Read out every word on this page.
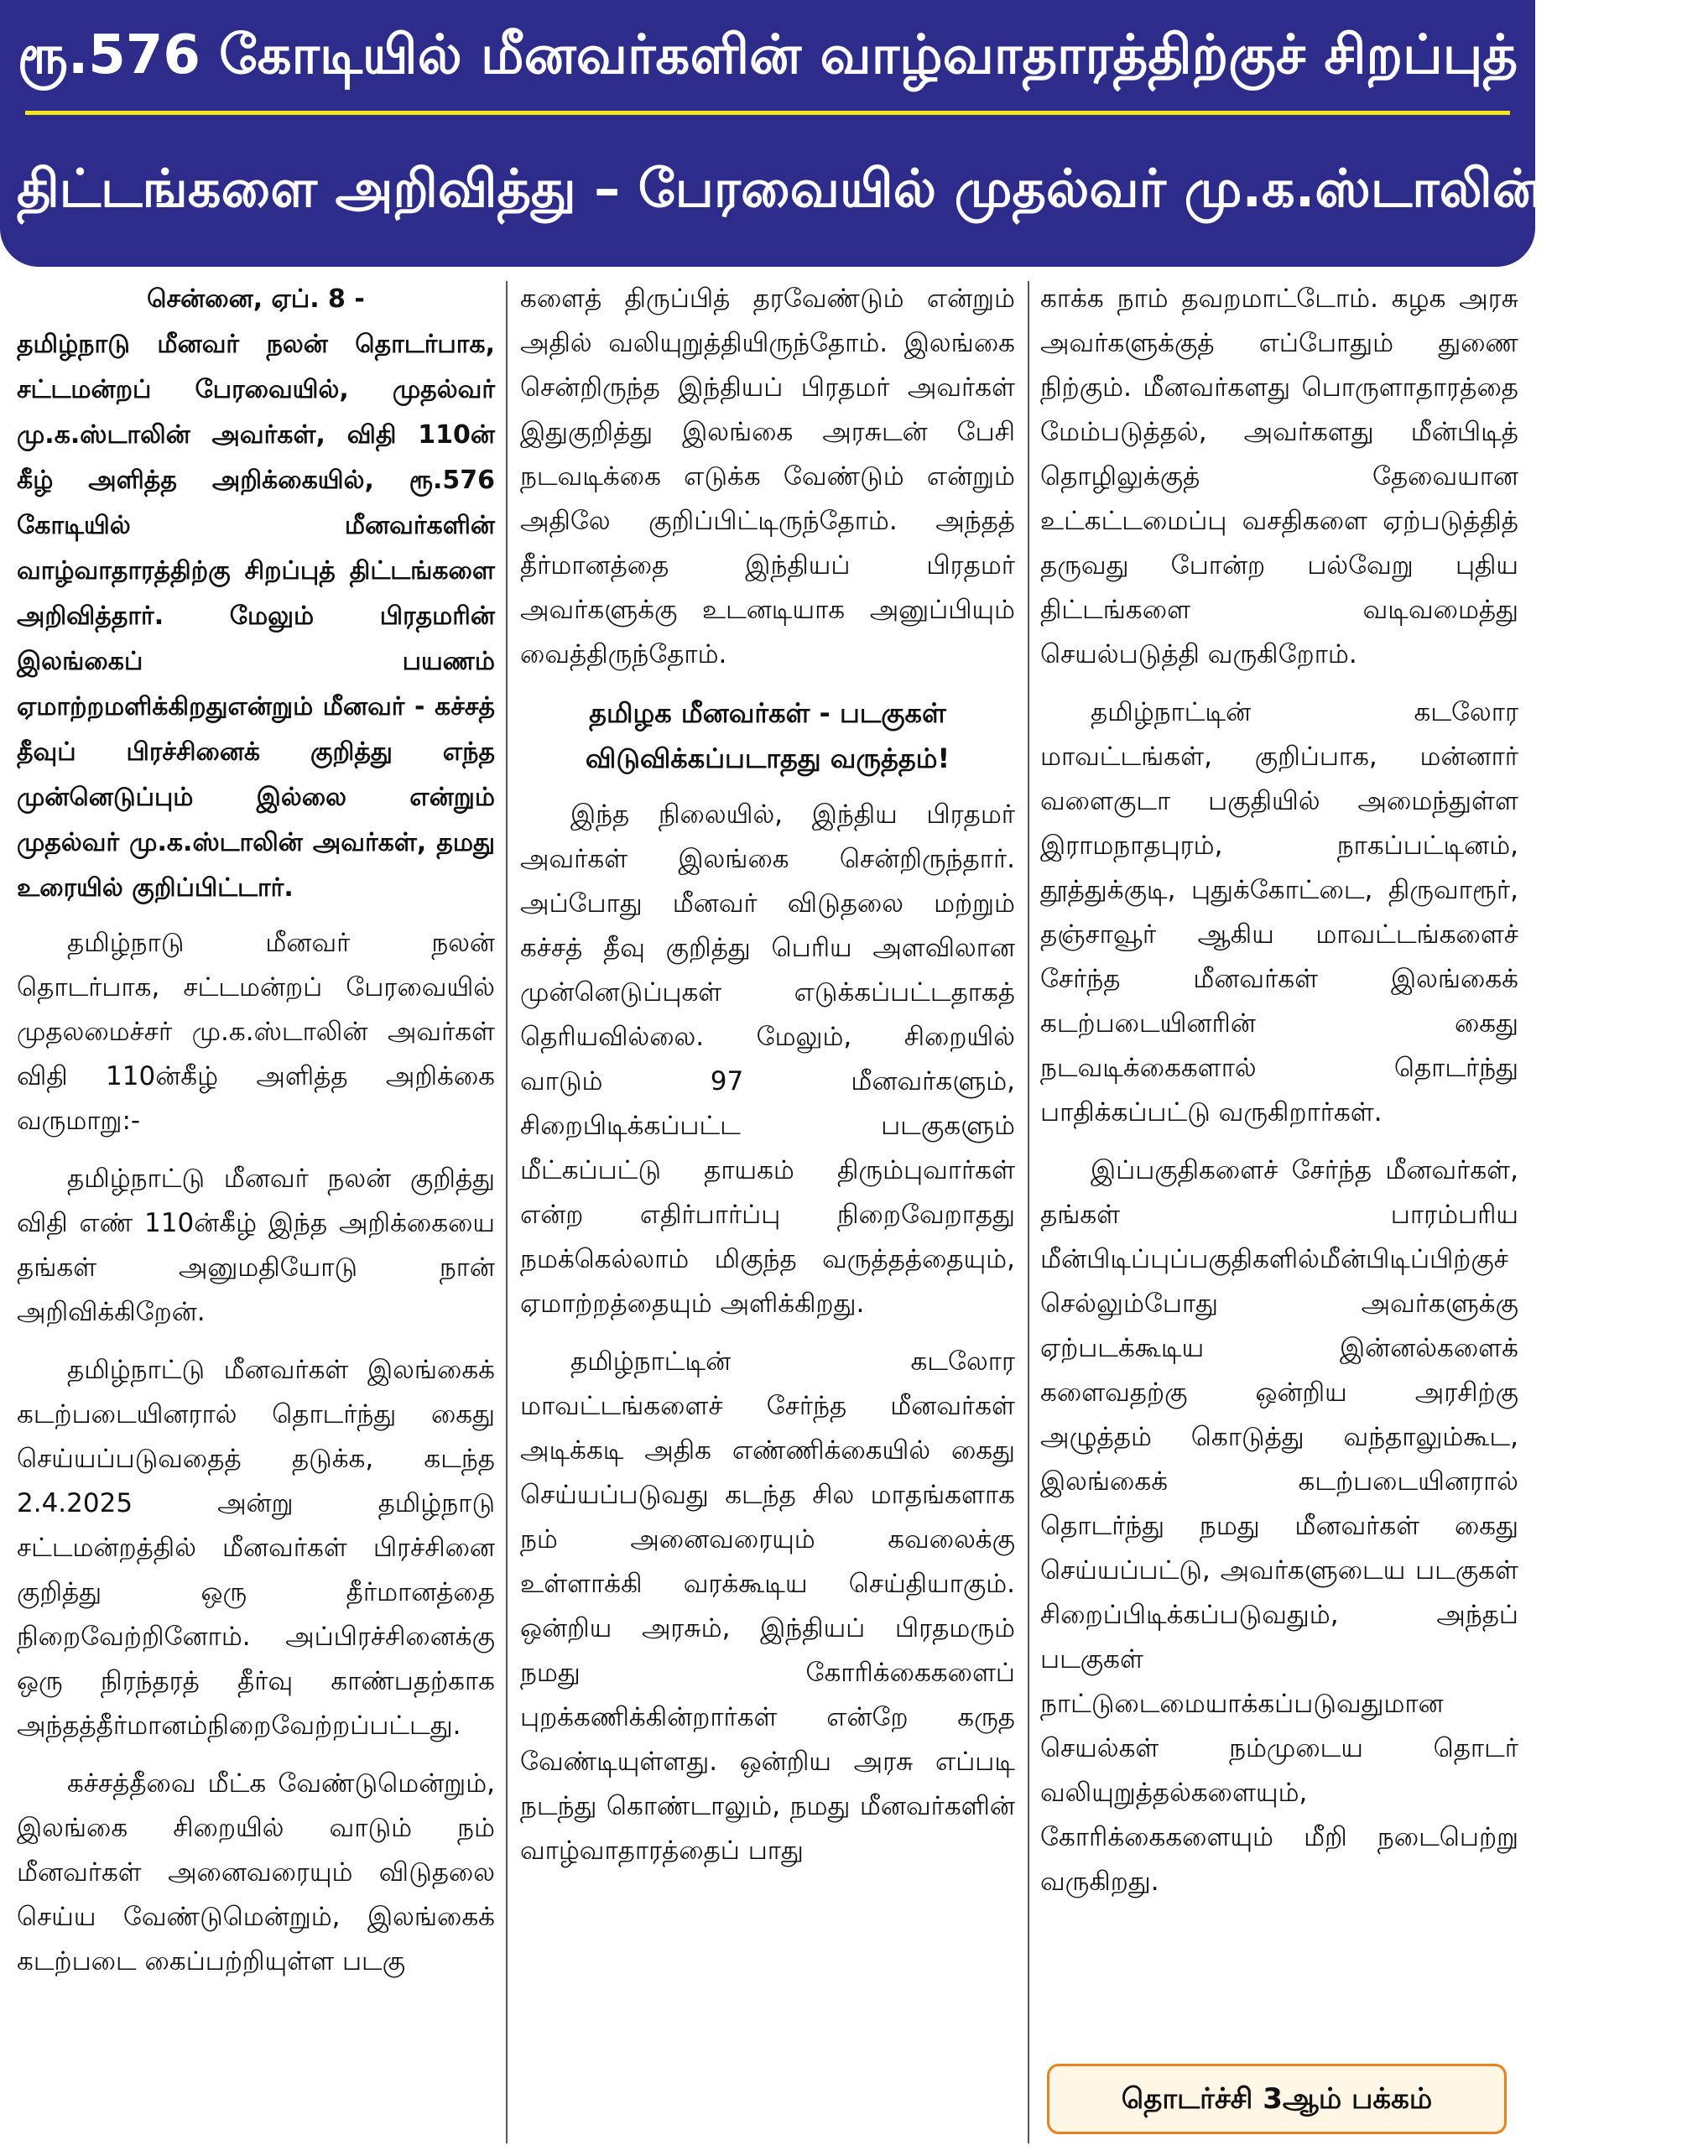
ரூ.576 கோடியில் மீனவர்களின் வாழ்வாதாரத்திற்குச் சிறப்புத்
திட்டங்களை அறிவித்து – பேரவையில் முதல்வர் மு.க.ஸ்டாலின் உரை!
சென்னை, ஏப். 8 -
தமிழ்நாடு மீனவர் நலன் தொடர்பாக, சட்டமன்றப் பேரவையில், முதல்வர் மு.க.ஸ்டாலின் அவர்கள், விதி 110ன் கீழ் அளித்த அறிக்கையில், ரூ.576 கோடியில் மீனவர்களின் வாழ்வாதாரத்திற்கு சிறப்புத் திட்டங்களை அறிவித்தார். மேலும் பிரதமரின் இலங்கைப் பயணம் ஏமாற்றமளிக்கிறதுஎன்றும் மீனவர் - கச்சத் தீவுப் பிரச்சினைக் குறித்து எந்த முன்னெடுப்பும் இல்லை என்றும் முதல்வர் மு.க.ஸ்டாலின் அவர்கள், தமது உரையில் குறிப்பிட்டார்.

தமிழ்நாடு மீனவர் நலன் தொடர்பாக, சட்டமன்றப் பேரவையில் முதலமைச்சர் மு.க.ஸ்டாலின் அவர்கள் விதி 110ன்கீழ் அளித்த அறிக்கை வருமாறு:-

தமிழ்நாட்டு மீனவர் நலன் குறித்து விதி எண் 110ன்கீழ் இந்த அறிக்கையை தங்கள் அனுமதியோடு நான் அறிவிக்கிறேன்.

தமிழ்நாட்டு மீனவர்கள் இலங்கைக் கடற்படையினரால் தொடர்ந்து கைது செய்யப்படுவதைத் தடுக்க, கடந்த 2.4.2025 அன்று தமிழ்நாடு சட்டமன்றத்தில் மீனவர்கள் பிரச்சினை குறித்து ஒரு தீர்மானத்தை நிறைவேற்றினோம். அப்பிரச்சினைக்கு ஒரு நிரந்தரத் தீர்வு காண்பதற்காக அந்தத்தீர்மானம்நிறைவேற்றப்பட்டது.

கச்சத்தீவை மீட்க வேண்டுமென்றும், இலங்கை சிறையில் வாடும் நம் மீனவர்கள் அனைவரையும் விடுதலை செய்ய வேண்டுமென்றும், இலங்கைக் கடற்படை கைப்பற்றியுள்ள படகு

களைத் திருப்பித் தரவேண்டும் என்றும் அதில் வலியுறுத்தியிருந்தோம். இலங்கை சென்றிருந்த இந்தியப் பிரதமர் அவர்கள் இதுகுறித்து இலங்கை அரசுடன் பேசி நடவடிக்கை எடுக்க வேண்டும் என்றும் அதிலே குறிப்பிட்டிருந்தோம். அந்தத் தீர்மானத்தை இந்தியப் பிரதமர் அவர்களுக்கு உடனடியாக அனுப்பியும் வைத்திருந்தோம்.

தமிழக மீனவர்கள் - படகுகள் விடுவிக்கப்படாதது வருத்தம்!

இந்த நிலையில், இந்திய பிரதமர் அவர்கள் இலங்கை சென்றிருந்தார். அப்போது மீனவர் விடுதலை மற்றும் கச்சத் தீவு குறித்து பெரிய அளவிலான முன்னெடுப்புகள் எடுக்கப்பட்டதாகத் தெரியவில்லை. மேலும், சிறையில் வாடும் 97 மீனவர்களும், சிறைபிடிக்கப்பட்ட படகுகளும் மீட்கப்பட்டு தாயகம் திரும்புவார்கள் என்ற எதிர்பார்ப்பு நிறைவேறாதது நமக்கெல்லாம் மிகுந்த வருத்தத்தையும், ஏமாற்றத்தையும் அளிக்கிறது.

தமிழ்நாட்டின் கடலோர மாவட்டங்களைச் சேர்ந்த மீனவர்கள் அடிக்கடி அதிக எண்ணிக்கையில் கைது செய்யப்படுவது கடந்த சில மாதங்களாக நம் அனைவரையும் கவலைக்கு உள்ளாக்கி வரக்கூடிய செய்தியாகும். ஒன்றிய அரசும், இந்தியப் பிரதமரும் நமது கோரிக்கைகளைப் புறக்கணிக்கின்றார்கள் என்றே கருத வேண்டியுள்ளது. ஒன்றிய அரசு எப்படி நடந்து கொண்டாலும், நமது மீனவர்களின் வாழ்வாதாரத்தைப் பாது

காக்க நாம் தவறமாட்டோம். கழக அரசு அவர்களுக்குத் எப்போதும் துணை நிற்கும். மீனவர்களது பொருளாதாரத்தை மேம்படுத்தல், அவர்களது மீன்பிடித் தொழிலுக்குத் தேவையான உட்கட்டமைப்பு வசதிகளை ஏற்படுத்தித் தருவது போன்ற பல்வேறு புதிய திட்டங்களை வடிவமைத்து செயல்படுத்தி வருகிறோம்.

தமிழ்நாட்டின் கடலோர மாவட்டங்கள், குறிப்பாக, மன்னார் வளைகுடா பகுதியில் அமைந்துள்ள இராமநாதபுரம், நாகப்பட்டினம், தூத்துக்குடி, புதுக்கோட்டை, திருவாரூர், தஞ்சாவூர் ஆகிய மாவட்டங்களைச் சேர்ந்த மீனவர்கள் இலங்கைக் கடற்படையினரின் கைது நடவடிக்கைகளால் தொடர்ந்து பாதிக்கப்பட்டு வருகிறார்கள்.

இப்பகுதிகளைச் சேர்ந்த மீனவர்கள், தங்கள் பாரம்பரிய மீன்பிடிப்புப்பகுதிகளில்மீன்பிடிப்பிற்குச் செல்லும்போது அவர்களுக்கு ஏற்படக்கூடிய இன்னல்களைக் களைவதற்கு ஒன்றிய அரசிற்கு அழுத்தம் கொடுத்து வந்தாலும்கூட, இலங்கைக் கடற்படையினரால் தொடர்ந்து நமது மீனவர்கள் கைது செய்யப்பட்டு, அவர்களுடைய படகுகள் சிறைப்பிடிக்கப்படுவதும், அந்தப் படகுகள் நாட்டுடைமையாக்கப்படுவதுமான செயல்கள் நம்முடைய தொடர் வலியுறுத்தல்களையும், கோரிக்கைகளையும் மீறி நடைபெற்று வருகிறது.

தொடர்ச்சி 3ஆம் பக்கம்
